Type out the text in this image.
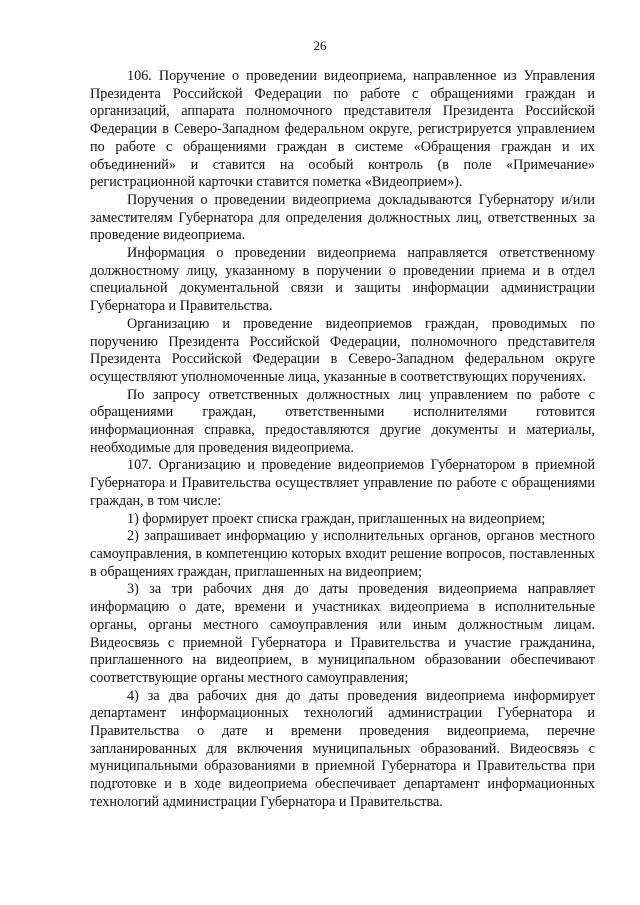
26

106. Поручение о проведении видеоприема, направленное из Управления Президента Российской Федерации по работе с обращениями граждан и организаций, аппарата полномочного представителя Президента Российской Федерации в Северо-Западном федеральном округе, регистрируется управлением по работе с обращениями граждан в системе «Обращения граждан и их объединений» и ставится на особый контроль (в поле «Примечание» регистрационной карточки ставится пометка «Видеоприем»).

Поручения о проведении видеоприема докладываются Губернатору и/или заместителям Губернатора для определения должностных лиц, ответственных за проведение видеоприема.

Информация о проведении видеоприема направляется ответственному должностному лицу, указанному в поручении о проведении приема и в отдел специальной документальной связи и защиты информации администрации Губернатора и Правительства.

Организацию и проведение видеоприемов граждан, проводимых по поручению Президента Российской Федерации, полномочного представителя Президента Российской Федерации в Северо-Западном федеральном округе осуществляют уполномоченные лица, указанные в соответствующих поручениях.

По запросу ответственных должностных лиц управлением по работе с обращениями граждан, ответственными исполнителями готовится информационная справка, предоставляются другие документы и материалы, необходимые для проведения видеоприема.

107. Организацию и проведение видеоприемов Губернатором в приемной Губернатора и Правительства осуществляет управление по работе с обращениями граждан, в том числе:

1) формирует проект списка граждан, приглашенных на видеоприем;

2) запрашивает информацию у исполнительных органов, органов местного самоуправления, в компетенцию которых входит решение вопросов, поставленных в обращениях граждан, приглашенных на видеоприем;

3) за три рабочих дня до даты проведения видеоприема направляет информацию о дате, времени и участниках видеоприема в исполнительные органы, органы местного самоуправления или иным должностным лицам. Видеосвязь с приемной Губернатора и Правительства и участие гражданина, приглашенного на видеоприем, в муниципальном образовании обеспечивают соответствующие органы местного самоуправления;

4) за два рабочих дня до даты проведения видеоприема информирует департамент информационных технологий администрации Губернатора и Правительства о дате и времени проведения видеоприема, перечне запланированных для включения муниципальных образований. Видеосвязь с муниципальными образованиями в приемной Губернатора и Правительства при подготовке и в ходе видеоприема обеспечивает департамент информационных технологий администрации Губернатора и Правительства.
